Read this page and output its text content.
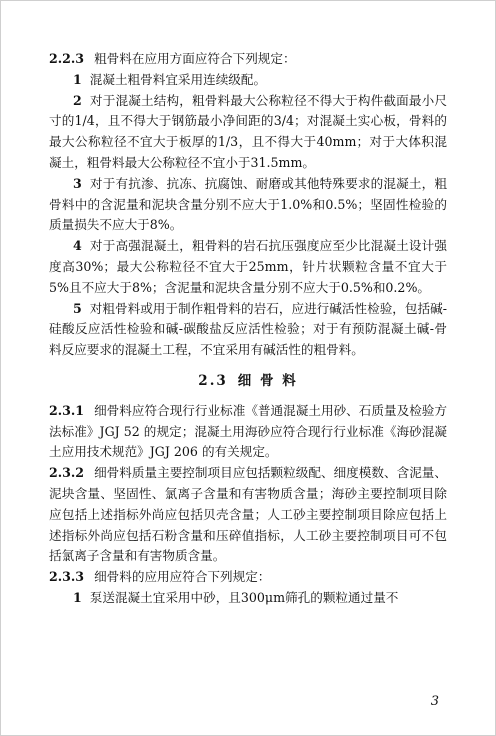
2.2.3 粗骨料在应用方面应符合下列规定：

1 混凝土粗骨料宜采用连续级配。

2 对于混凝土结构，粗骨料最大公称粒径不得大于构件截面最小尺寸的1/4，且不得大于钢筋最小净间距的3/4；对混凝土实心板，骨料的最大公称粒径不宜大于板厚的1/3，且不得大于40mm；对于大体积混凝土，粗骨料最大公称粒径不宜小于31.5mm。

3 对于有抗渗、抗冻、抗腐蚀、耐磨或其他特殊要求的混凝土，粗骨料中的含泥量和泥块含量分别不应大于1.0%和0.5%；坚固性检验的质量损失不应大于8%。

4 对于高强混凝土，粗骨料的岩石抗压强度应至少比混凝土设计强度高30%；最大公称粒径不宜大于25mm，针片状颗粒含量不宜大于5%且不应大于8%；含泥量和泥块含量分别不应大于0.5%和0.2%。

5 对粗骨料或用于制作粗骨料的岩石，应进行碱活性检验，包括碱-硅酸反应活性检验和碱-碳酸盐反应活性检验；对于有预防混凝土碱-骨料反应要求的混凝土工程，不宜采用有碱活性的粗骨料。

2.3 细 骨 料

2.3.1 细骨料应符合现行行业标准《普通混凝土用砂、石质量及检验方法标准》JGJ 52 的规定；混凝土用海砂应符合现行行业标准《海砂混凝土应用技术规范》JGJ 206 的有关规定。

2.3.2 细骨料质量主要控制项目应包括颗粒级配、细度模数、含泥量、泥块含量、坚固性、氯离子含量和有害物质含量；海砂主要控制项目除应包括上述指标外尚应包括贝壳含量；人工砂主要控制项目除应包括上述指标外尚应包括石粉含量和压碎值指标，人工砂主要控制项目可不包括氯离子含量和有害物质含量。

2.3.3 细骨料的应用应符合下列规定：

1 泵送混凝土宜采用中砂，且300μm筛孔的颗粒通过量不

3
